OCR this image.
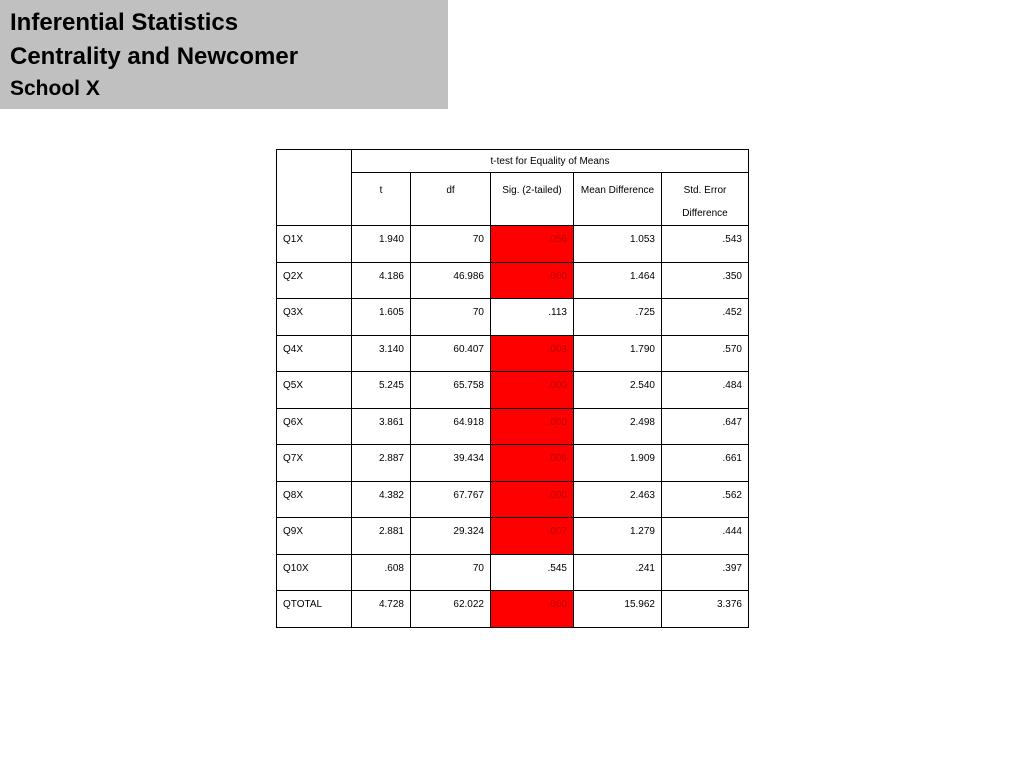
Inferential Statistics
Centrality and Newcomer
School X
	t-test for Equality of Means				
	t	df	Sig. (2-tailed)	Mean Difference	Std. Error Difference
Q1X	1.940	70	.056	1.053	.543
Q2X	4.186	46.986	.000	1.464	.350
Q3X	1.605	70	.113	.725	.452
Q4X	3.140	60.407	.003	1.790	.570
Q5X	5.245	65.758	.000	2.540	.484
Q6X	3.861	64.918	.000	2.498	.647
Q7X	2.887	39.434	.006	1.909	.661
Q8X	4.382	67.767	.000	2.463	.562
Q9X	2.881	29.324	.007	1.279	.444
Q10X	.608	70	.545	.241	.397
QTOTAL	4.728	62.022	.000	15.962	3.376
